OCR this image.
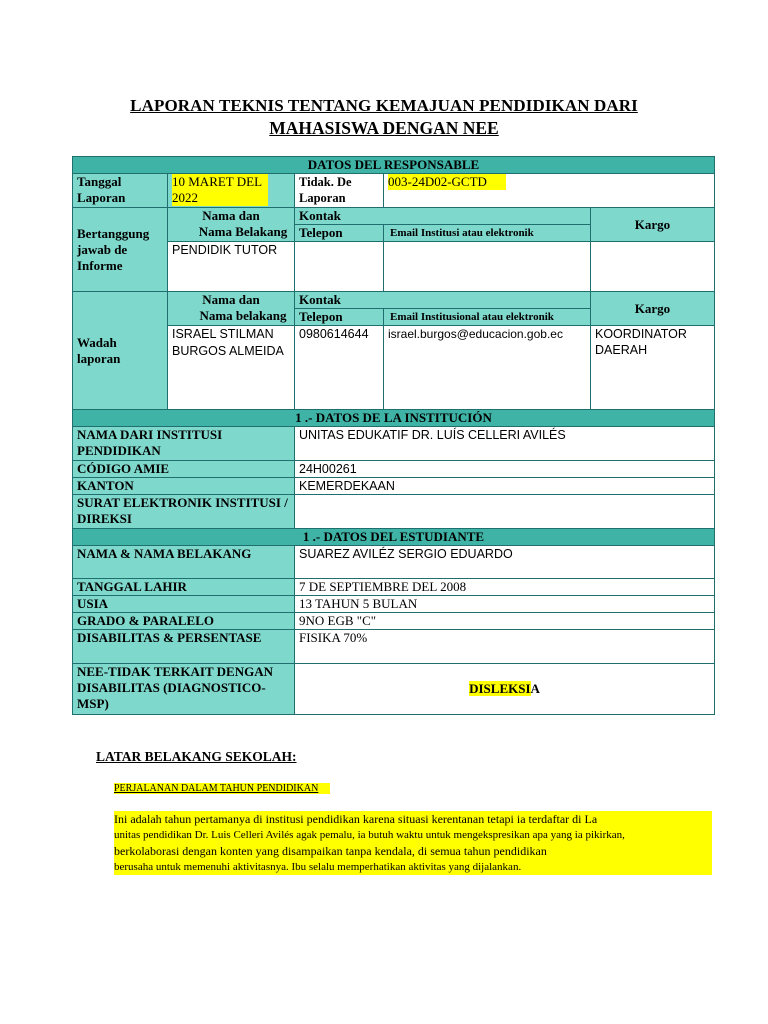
LAPORAN TEKNIS TENTANG KEMAJUAN PENDIDIKAN DARI
MAHASISWA DENGAN NEE
DATOS DEL RESPONSABLE				
Tanggal Laporan	10 MARET DEL 2022	Tidak. De Laporan	003-24D02-GCTD	
Bertanggung jawab de Informe	Nama dan
Nama Belakang	Kontak		Kargo
		Telepon	Email Institusi atau elektronik	
	PENDIDIK TUTOR			
Wadah laporan	Nama dan
Nama belakang	Kontak		Kargo
		Telepon	Email Institusional atau elektronik	
	ISRAEL STILMAN BURGOS ALMEIDA	0980614644	israel.burgos@educacion.gob.ec	KOORDINATOR DAERAH
1 .- DATOS DE LA INSTITUCIÓN				
NAMA DARI INSTITUSI PENDIDIKAN		UNITAS EDUKATIF DR. LUÍS CELLERI AVILÉS		
CÓDIGO AMIE		24H00261		
KANTON		KEMERDEKAAN		
SURAT ELEKTRONIK INSTITUSI / DIREKSI				
1 .- DATOS DEL ESTUDIANTE				
NAMA & NAMA BELAKANG		SUAREZ AVILÉZ SERGIO EDUARDO		
TANGGAL LAHIR		7 DE SEPTIEMBRE DEL 2008		
USIA		13 TAHUN 5 BULAN		
GRADO & PARALELO		9NO EGB "C"		
DISABILITAS & PERSENTASE		FISIKA 70%		
NEE-TIDAK TERKAIT DENGAN DISABILITAS (DIAGNOSTICO-MSP)		DISLEKSIA		
LATAR BELAKANG SEKOLAH:
PERJALANAN DALAM TAHUN PENDIDIKAN
Ini adalah tahun pertamanya di institusi pendidikan karena situasi kerentanan tetapi ia terdaftar di La
unitas pendidikan Dr. Luis Celleri Avilés agak pemalu, ia butuh waktu untuk mengekspresikan apa yang ia pikirkan,
berkolaborasi dengan konten yang disampaikan tanpa kendala, di semua tahun pendidikan
berusaha untuk memenuhi aktivitasnya. Ibu selalu memperhatikan aktivitas yang dijalankan.
